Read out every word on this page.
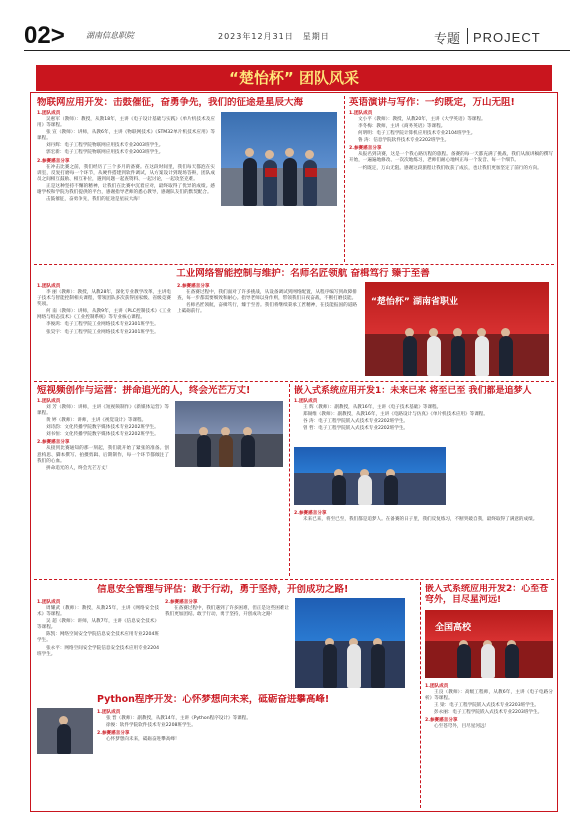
02>	湖南信息职院	2023年12月31日　星期日	专题 PROJECT
“楚怡杯” 团队风采
物联网应用开发：击鼓催征，奋勇争先，我们的征途是星辰大海
1.团队成员

吴惠军（教师）：教授，从教18年，主讲《电子设计基础与实践》《单片机技术及应用》等课程。

张 宣（教师）：讲师，从教6年，主讲《物联网技术》《STM32单片机技术应用》等课程。

刘丹辉：电子工程学院物联网应用技术专业2003班学生。

郭宏新：电子工程学院物联网应用技术专业2003班学生。

2.参赛感言分享

在冲击比赛之前，我们经历了三个多月的备赛。在这段时间里，我们每天都泡在实训室，反复打磨每一个环节，从硬件搭建到软件调试，从方案设计到现场答辩，团队成员之间相互鼓励、相互补位，遇到问题一起查资料、一起讨论，一起攻坚克难。

正是这种坚持不懈的精神，让我们在比赛中沉着应对，最终取得了优异的成绩。感谢学校和学院为我们提供的平台，感谢指导老师的悉心教导，感谢队友们的默契配合。

击鼓催征，奋勇争先，我们的征途是星辰大海！

英语演讲与写作：一约既定，万山无阻!
1.团队成员

文小平（教师）：教授，从教20年，主讲《大学英语》等课程。

李冬梅：教师，主讲《商务英语》等课程。

何明明：电子工程学院计算机应用技术专业2104班学生。

鲁 涛：信息学院软件技术专业2202班学生。

2.参赛感言分享

从报名到决赛，这是一个我心路历程的旅程。备赛的每一天都充满了挑战，我们从演讲稿的撰写开始，一遍遍地修改、一次次地练习，老师们耐心地纠正每一个发音、每一个细节。

一约既定，万山无阻。感谢这段旅程让我们收获了成长，也让我们更加坚定了前行的方向。

工业网络智能控制与维护：名师名匠领航 奋楫笃行 臻于至善
1.团队成员

李 丽（教师）：教授，从教28年，深化专业教学改革，主讲电子技术与智能控制相关课程，带领团队多次获得国家级、省级竞赛奖项。

何 南（教师）：讲师，从教9年，主讲《PLC控制技术》《工业网络与组态技术》《工业控制系统》等专业核心课程。

李俊鸿：电子工程学院工业网络技术专业2301班学生。

张昊宇：电子工程学院工业网络技术专业2301班学生。

2.参赛感言分享

在备赛过程中，我们面对了许多挑战，从设备调试到网络配置，从程序编写到故障排查，每一步都需要细致和耐心。指导老师以身作则，带领我们日夜奋战，不断打磨技能。

名师名匠领航，奋楫笃行，臻于至善。我们将继续秉承工匠精神，在技能报国的道路上砥砺前行。

“楚怡杯” 湖南省职业
短视频创作与运营：拼命追光的人，终会光芒万丈!
1.团队成员

刘 芳（教师）：讲师，主讲《短视频制作》《新媒体运营》等课程。

黄 婷（教师）：讲师，主讲《视觉设计》等课程。

刘诗韵：文化传播学院数字媒体技术专业2202班学生。

刘书恒：文化传播学院数字媒体技术专业2202班学生。

2.参赛感言分享

从接到比赛通知的那一刻起，我们就开始了紧张的准备。创意构思、脚本撰写、拍摄剪辑、后期制作，每一个环节都倾注了我们的心血。

拼命追光的人，终会光芒万丈！

嵌入式系统应用开发1：未来已来 将至已至 我们都是追梦人
1.团队成员

王 辉（教师）：副教授，从教16年，主讲《电子技术基础》等课程。

郑锡维（教师）：副教授，从教16年，主讲《电路设计与仿真》《单片机技术应用》等课程。

谷 涛：电子工程学院嵌入式技术专业2202班学生。

曾 哲：电子工程学院嵌入式技术专业2202班学生。

2.参赛感言分享

未来已来，将至已至，我们都是追梦人。在备赛的日子里，我们反复练习，不断突破自我，最终取得了满意的成绩。

信息安全管理与评估：敢于行动，勇于坚持，开创成功之路!
1.团队成员

周耀武（教师）：教授，从教25年，主讲《网络安全技术》等课程。

吴 超（教师）：讲师，从教7年，主讲《信息安全技术》等课程。

陈凯：网络空间安全学院信息安全技术应用专业2204班学生。

张永平：网络空间安全学院信息安全技术应用专业2204班学生。

2.参赛感言分享

在备赛过程中，我们遇到了许多困难，但正是这些困难让我们更加团结。敢于行动，勇于坚持，开创成功之路！

Python程序开发：心怀梦想向未来，砥砺奋进攀高峰!
1.团队成员

张 晋（教师）：副教授，从教14年，主讲《Python程序设计》等课程。

徐俊：软件学院软件技术专业2208班学生。

2.参赛感言分享

心怀梦想向未来，砥砺奋进攀高峰！

嵌入式系统应用开发2：心至苍穹外，目尽星河远!
全国高校
1.团队成员

王良（教师）：高级工程师，从教6年，主讲《电子电路分析》等课程。

王 梁：电子工程学院嵌入式技术专业2203班学生。

彭永丽：电子工程学院嵌入式技术专业2203班学生。

2.参赛感言分享

心至苍穹外，目尽星河远！
